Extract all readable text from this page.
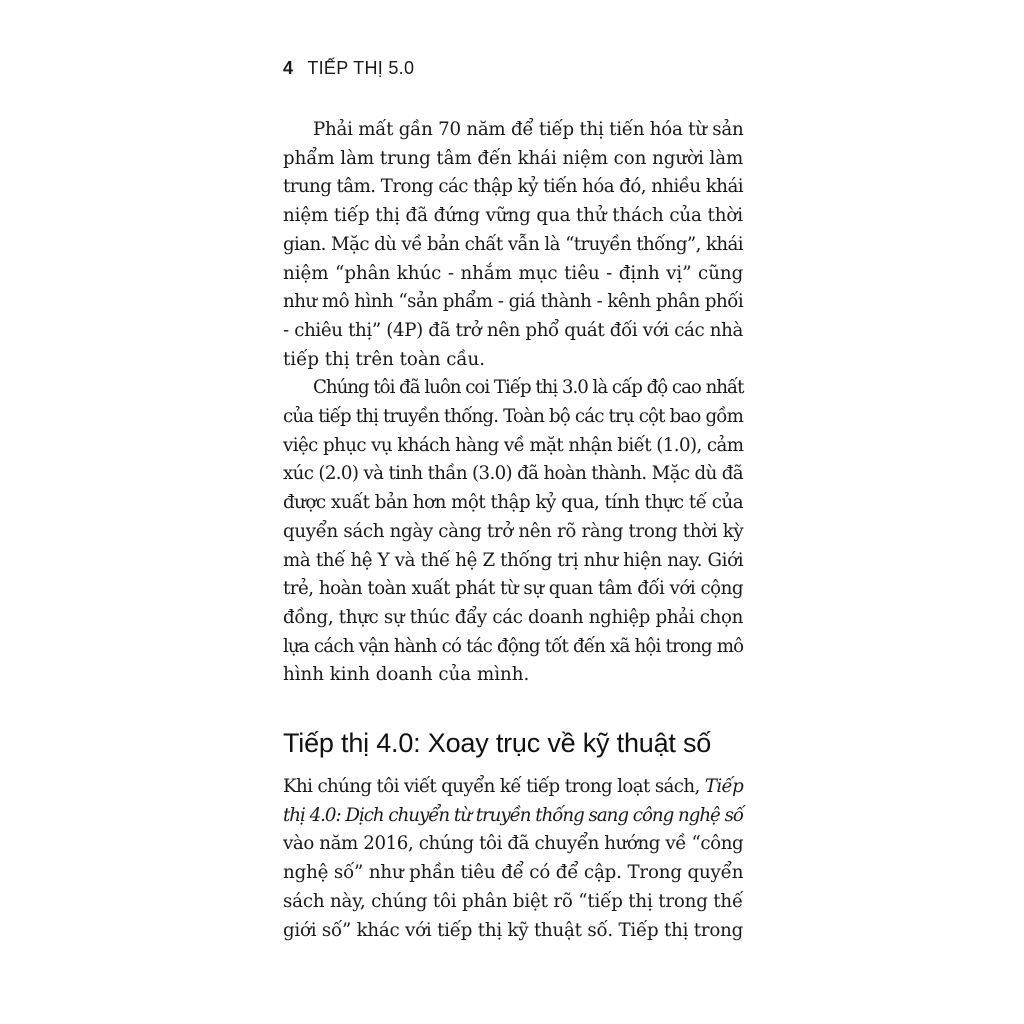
4 TIẾP THỊ 5.0
Phải mất gần 70 năm để tiếp thị tiến hóa từ sản
phẩm làm trung tâm đến khái niệm con người làm
trung tâm. Trong các thập kỷ tiến hóa đó, nhiều khái
niệm tiếp thị đã đứng vững qua thử thách của thời
gian. Mặc dù về bản chất vẫn là “truyền thống”, khái
niệm “phân khúc - nhắm mục tiêu - định vị” cũng
như mô hình “sản phẩm - giá thành - kênh phân phối
- chiêu thị” (4P) đã trở nên phổ quát đối với các nhà
tiếp thị trên toàn cầu.
Chúng tôi đã luôn coi Tiếp thị 3.0 là cấp độ cao nhất
của tiếp thị truyền thống. Toàn bộ các trụ cột bao gồm
việc phục vụ khách hàng về mặt nhận biết (1.0), cảm
xúc (2.0) và tinh thần (3.0) đã hoàn thành. Mặc dù đã
được xuất bản hơn một thập kỷ qua, tính thực tế của
quyển sách ngày càng trở nên rõ ràng trong thời kỳ
mà thế hệ Y và thế hệ Z thống trị như hiện nay. Giới
trẻ, hoàn toàn xuất phát từ sự quan tâm đối với cộng
đồng, thực sự thúc đẩy các doanh nghiệp phải chọn
lựa cách vận hành có tác động tốt đến xã hội trong mô
hình kinh doanh của mình.
Tiếp thị 4.0: Xoay trục về kỹ thuật số
Khi chúng tôi viết quyển kế tiếp trong loạt sách, Tiếp
thị 4.0: Dịch chuyển từ truyền thống sang công nghệ số
vào năm 2016, chúng tôi đã chuyển hướng về “công
nghệ số” như phần tiêu để có để cập. Trong quyển
sách này, chúng tôi phân biệt rõ “tiếp thị trong thế
giới số” khác với tiếp thị kỹ thuật số. Tiếp thị trong
